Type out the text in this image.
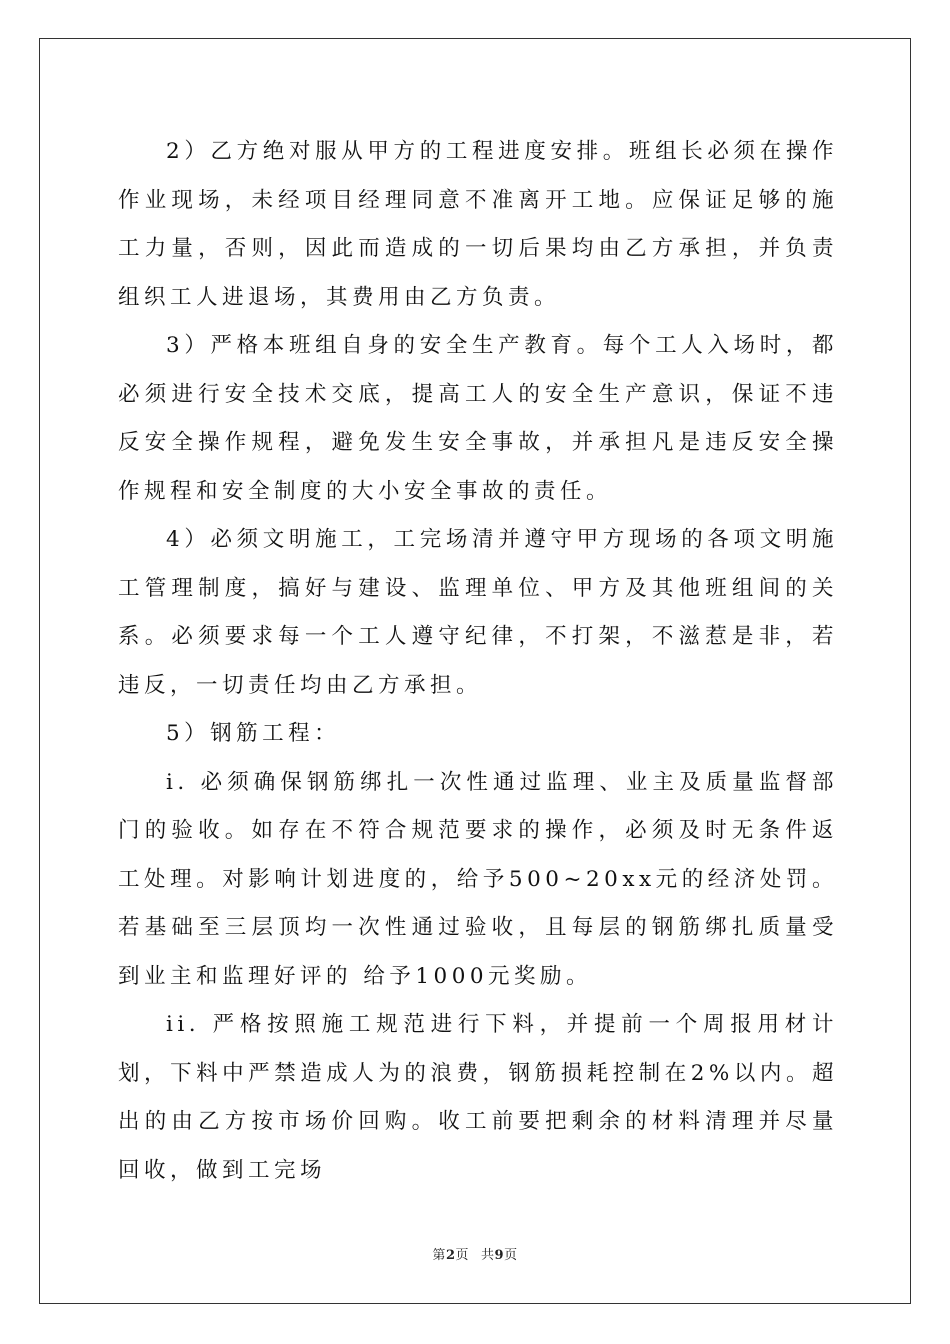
2）乙方绝对服从甲方的工程进度安排。班组长必须在操作作业现场，未经项目经理同意不准离开工地。应保证足够的施工力量，否则，因此而造成的一切后果均由乙方承担，并负责组织工人进退场，其费用由乙方负责。

3）严格本班组自身的安全生产教育。每个工人入场时，都必须进行安全技术交底，提高工人的安全生产意识，保证不违反安全操作规程，避免发生安全事故，并承担凡是违反安全操作规程和安全制度的大小安全事故的责任。

4）必须文明施工，工完场清并遵守甲方现场的各项文明施工管理制度，搞好与建设、监理单位、甲方及其他班组间的关系。必须要求每一个工人遵守纪律，不打架，不滋惹是非，若违反，一切责任均由乙方承担。

5）钢筋工程：

i. 必须确保钢筋绑扎一次性通过监理、业主及质量监督部门的验收。如存在不符合规范要求的操作，必须及时无条件返工处理。对影响计划进度的，给予500~20xx元的经济处罚。若基础至三层顶均一次性通过验收，且每层的钢筋绑扎质量受到业主和监理好评的 给予1000元奖励。

ii. 严格按照施工规范进行下料，并提前一个周报用材计划，下料中严禁造成人为的浪费，钢筋损耗控制在2%以内。超出的由乙方按市场价回购。收工前要把剩余的材料清理并尽量回收，做到工完场

第2页 共9页
